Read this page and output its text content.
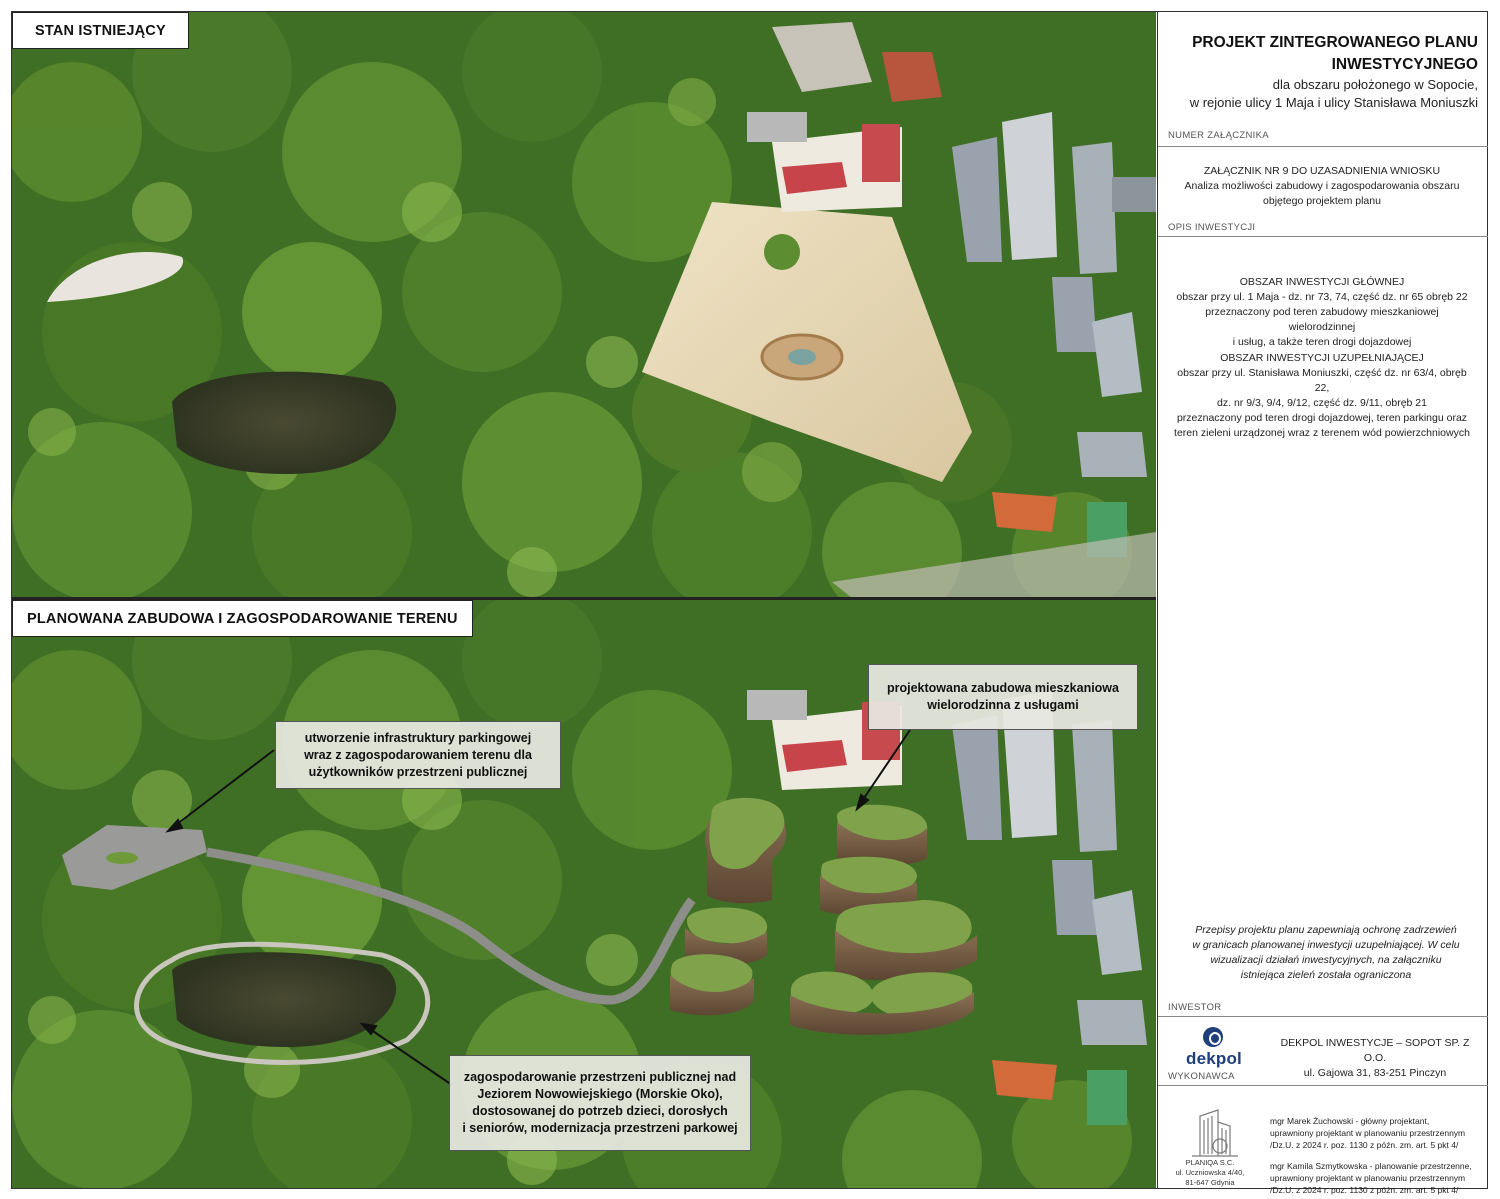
STAN ISTNIEJĄCY
PLANOWANA ZABUDOWA I ZAGOSPODAROWANIE TERENU
utworzenie infrastruktury parkingowej
wraz z zagospodarowaniem terenu dla
użytkowników przestrzeni publicznej
projektowana zabudowa mieszkaniowa
wielorodzinna z usługami
zagospodarowanie przestrzeni publicznej nad
Jeziorem Nowowiejskiego (Morskie Oko),
dostosowanej do potrzeb dzieci, dorosłych
i seniorów, modernizacja przestrzeni parkowej
PROJEKT ZINTEGROWANEGO PLANU
INWESTYCYJNEGO
dla obszaru położonego w Sopocie,
w rejonie ulicy 1 Maja i ulicy Stanisława Moniuszki
NUMER ZAŁĄCZNIKA
ZAŁĄCZNIK NR 9 DO UZASADNIENIA WNIOSKU
Analiza możliwości zabudowy i zagospodarowania obszaru
objętego projektem planu
OPIS INWESTYCJI
OBSZAR INWESTYCJI GŁÓWNEJ
obszar przy ul. 1 Maja - dz. nr 73, 74, część dz. nr 65 obręb 22
przeznaczony pod teren zabudowy mieszkaniowej wielorodzinnej
i usług, a także teren drogi dojazdowej
OBSZAR INWESTYCJI UZUPEŁNIAJĄCEJ
obszar przy ul. Stanisława Moniuszki, część dz. nr 63/4, obręb 22,
dz. nr 9/3, 9/4, 9/12, część dz. 9/11, obręb 21
przeznaczony pod teren drogi dojazdowej, teren parkingu oraz
teren zieleni urządzonej wraz z terenem wód powierzchniowych
Przepisy projektu planu zapewniają ochronę zadrzewień
w granicach planowanej inwestycji uzupełniającej. W celu
wizualizacji działań inwestycyjnych, na załączniku
istniejąca zieleń została ograniczona
INWESTOR
dekpol
DEKPOL INWESTYCJE – SOPOT SP. Z O.O.
ul. Gajowa 31, 83-251 Pinczyn
WYKONAWCA
PLANIQA S.C.
ul. Uczniowska 4/40,
81-647 Gdynia

mgr Marek Żuchowski - główny projektant,
uprawniony projektant w planowaniu przestrzennym
/Dz.U. z 2024 r. poz. 1130 z późn. zm. art. 5 pkt 4/

mgr Kamila Szmytkowska - planowanie przestrzenne,
uprawniony projektant w planowaniu przestrzennym
/Dz.U. z 2024 r. poz. 1130 z późn. zm. art. 5 pkt 4/
